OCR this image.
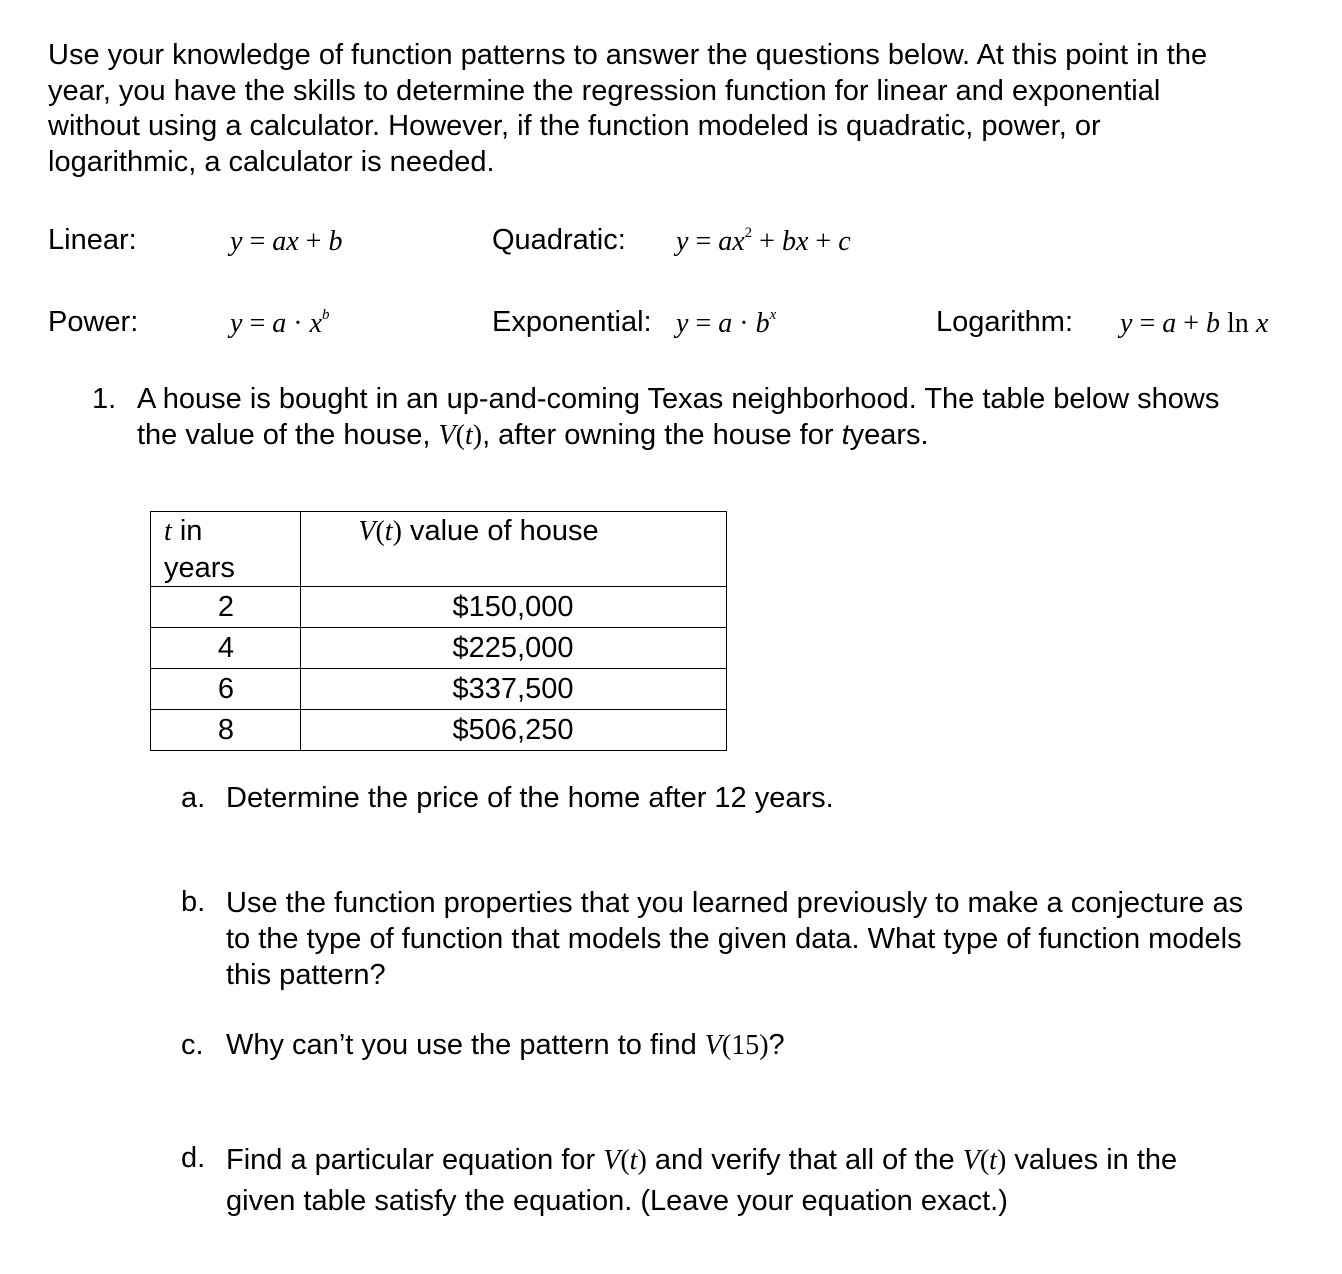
Use your knowledge of function patterns to answer the questions below. At this point in the
year, you have the skills to determine the regression function for linear and exponential
without using a calculator. However, if the function modeled is quadratic, power, or
logarithmic, a calculator is needed.
Linear:	y = ax + b	Quadratic: $y = ax^2$ + bx + c
Power:	$y = a \cdot x^b$	Exponential: $y = a \cdot b^x$	Logarithm: y = a + b ln x
1. A house is bought in an up-and-coming Texas neighborhood. The table below shows
the value of the house, V(t), after owning the house for tyears.
t in
years	V(t) value of house
2	$150,000
4	$225,000
6	$337,500
8	$506,250
a. Determine the price of the home after 12 years.
b. Use the function properties that you learned previously to make a conjecture as
to the type of function that models the given data. What type of function models
this pattern?
c. Why can’t you use the pattern to find V(15)?
d. Find a particular equation for V(t) and verify that all of the V(t) values in the
given table satisfy the equation. (Leave your equation exact.)
